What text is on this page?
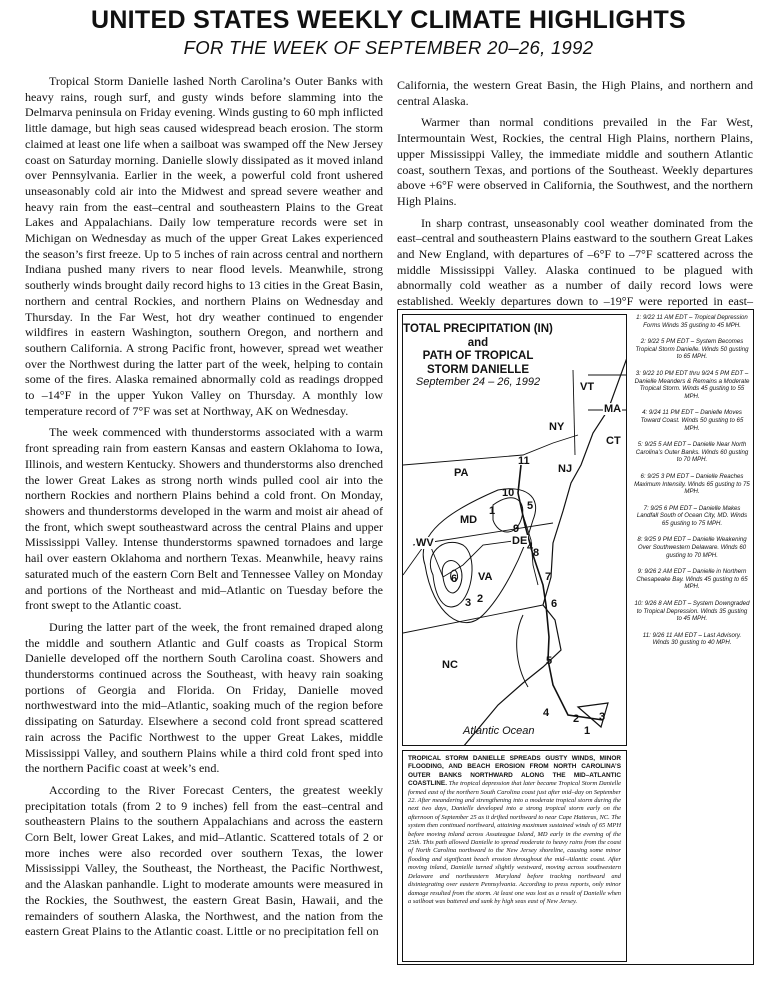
UNITED STATES WEEKLY CLIMATE HIGHLIGHTS
FOR THE WEEK OF SEPTEMBER 20–26, 1992

Tropical Storm Danielle lashed North Carolina’s Outer Banks with heavy rains, rough surf, and gusty winds before slamming into the Delmarva peninsula on Friday evening. Winds gusting to 60 mph inflicted little damage, but high seas caused widespread beach erosion. The storm claimed at least one life when a sailboat was swamped off the New Jersey coast on Saturday morning. Danielle slowly dissipated as it moved inland over Pennsylvania. Earlier in the week, a powerful cold front ushered unseasonably cold air into the Midwest and spread severe weather and heavy rain from the east–central and southeastern Plains to the Great Lakes and Appalachians. Daily low temperature records were set in Michigan on Wednesday as much of the upper Great Lakes experienced the season’s first freeze. Up to 5 inches of rain across central and northern Indiana pushed many rivers to near flood levels. Meanwhile, strong southerly winds brought daily record highs to 13 cities in the Great Basin, northern and central Rockies, and northern Plains on Wednesday and Thursday. In the Far West, hot dry weather continued to engender wildfires in eastern Washington, southern Oregon, and northern and southern California. A strong Pacific front, however, spread wet weather over the Northwest during the latter part of the week, helping to contain some of the fires. Alaska remained abnormally cold as readings dropped to –14°F in the upper Yukon Valley on Thursday. A monthly low temperature record of 7°F was set at Northway, AK on Wednesday.

The week commenced with thunderstorms associated with a warm front spreading rain from eastern Kansas and eastern Oklahoma to Iowa, Illinois, and western Kentucky. Showers and thunderstorms also drenched the lower Great Lakes as strong north winds pulled cool air into the northern Rockies and northern Plains behind a cold front. On Monday, showers and thunderstorms developed in the warm and moist air ahead of the front, which swept southeastward across the central Plains and upper Mississippi Valley. Intense thunderstorms spawned tornadoes and large hail over eastern Oklahoma and northern Texas. Meanwhile, heavy rains saturated much of the eastern Corn Belt and Tennessee Valley on Monday and portions of the Northeast and mid–Atlantic on Tuesday before the front swept to the Atlantic coast.

During the latter part of the week, the front remained draped along the middle and southern Atlantic and Gulf coasts as Tropical Storm Danielle developed off the northern South Carolina coast. Showers and thunderstorms continued across the Southeast, with heavy rain soaking portions of Georgia and Florida. On Friday, Danielle moved northwestward into the mid–Atlantic, soaking much of the region before dissipating on Saturday. Elsewhere a second cold front spread scattered rain across the Pacific Northwest to the upper Great Lakes, middle Mississippi Valley, and southern Plains while a third cold front sped into the northern Pacific coast at week’s end.

According to the River Forecast Centers, the greatest weekly precipitation totals (from 2 to 9 inches) fell from the east–central and southeastern Plains to the southern Appalachians and across the eastern Corn Belt, lower Great Lakes, and mid–Atlantic. Scattered totals of 2 or more inches were also recorded over southern Texas, the lower Mississippi Valley, the Southeast, the Northeast, the Pacific Northwest, and the Alaskan panhandle. Light to moderate amounts were measured in the Rockies, the Southwest, the eastern Great Basin, Hawaii, and the remainders of southern Alaska, the Northwest, and the nation from the eastern Great Plains to the Atlantic coast. Little or no precipitation fell on

California, the western Great Basin, the High Plains, and northern and central Alaska.

Warmer than normal conditions prevailed in the Far West, Intermountain West, Rockies, the central High Plains, northern Plains, upper Mississippi Valley, the immediate middle and southern Atlantic coast, southern Texas, and portions of the Southeast. Weekly departures above +6°F were observed in California, the Southwest, and the northern High Plains.

In sharp contrast, unseasonably cool weather dominated from the east–central and southeastern Plains eastward to the southern Great Lakes and New England, with departures of –6°F to –7°F scattered across the middle Mississippi Valley. Alaska continued to be plagued with abnormally cold weather as a number of daily record lows were established. Weekly departures down to –19°F were reported in east–

TOTAL PRECIPITATION (IN)
and
PATH OF TROPICAL
STORM DANIELLE
September 24 – 26, 1992	VT
MA
NY
CT
NJ
PA
MD
DE
WV
VA
NC
Atlantic Ocean	1
2 3
4
5
6
7
8
9
10
11
1
2
3
4
5
6
1: 9/22 11 AM EDT – Tropical Depression Forms Winds 35 gusting to 45 MPH.
2: 9/22 5 PM EDT – System Becomes Tropical Storm Danielle. Winds 50 gusting to 65 MPH.
3: 9/22 10 PM EDT thru 9/24 5 PM EDT – Danielle Meanders & Remains a Moderate Tropical Storm. Winds 45 gusting to 55 MPH.
4: 9/24 11 PM EDT – Danielle Moves Toward Coast. Winds 50 gusting to 65 MPH.
5: 9/25 5 AM EDT – Danielle Near North Carolina’s Outer Banks. Winds 60 gusting to 70 MPH.
6: 9/25 3 PM EDT – Danielle Reaches Maximum Intensity. Winds 65 gusting to 75 MPH.
7: 9/25 6 PM EDT – Danielle Makes Landfall South of Ocean City, MD. Winds 65 gusting to 75 MPH.
8: 9/25 9 PM EDT – Danielle Weakening Over Southwestern Delaware. Winds 60 gusting to 70 MPH.
9: 9/26 2 AM EDT – Danielle in Northern Chesapeake Bay. Winds 45 gusting to 65 MPH.
10: 9/26 8 AM EDT – System Downgraded to Tropical Depression. Winds 35 gusting to 45 MPH.
11: 9/26 11 AM EDT – Last Advisory. Winds 30 gusting to 40 MPH.
TROPICAL STORM DANIELLE SPREADS GUSTY WINDS, MINOR FLOODING, AND BEACH EROSION FROM NORTH CAROLINA’S OUTER BANKS NORTHWARD ALONG THE MID–ATLANTIC COASTLINE. The tropical depression that later became Tropical Storm Danielle formed east of the northern South Carolina coast just after mid–day on September 22. After meandering and strengthening into a moderate tropical storm during the next two days, Danielle developed into a strong tropical storm early on the afternoon of September 25 as it drifted northward to near Cape Hatteras, NC. The system then continued northward, attaining maximum sustained winds of 65 MPH before moving inland across Assateague Island, MD early in the evening of the 25th. This path allowed Danielle to spread moderate to heavy rains from the coast of North Carolina northward to the New Jersey shoreline, causing some minor flooding and significant beach erosion throughout the mid–Atlantic coast. After moving inland, Danielle turned slightly westward, moving across southwestern Delaware and northeastern Maryland before tracking northward and disintegrating over eastern Pennsylvania. According to press reports, only minor damage resulted from the storm. At least one was lost as a result of Danielle when a sailboat was battered and sunk by high seas east of New Jersey.
